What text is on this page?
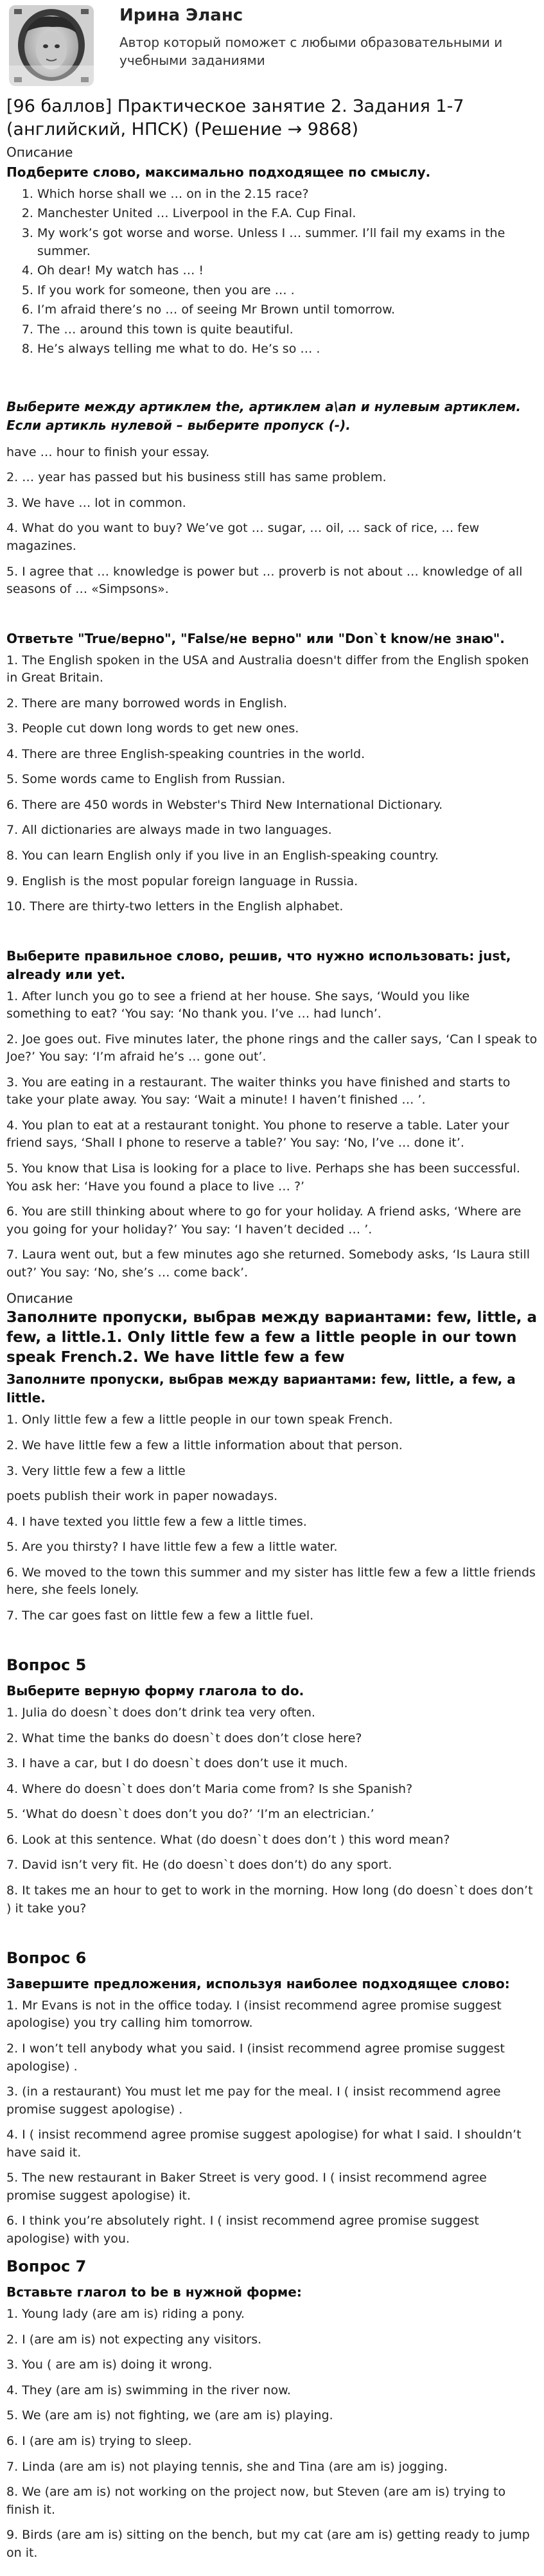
Ирина Эланс
Автор который поможет с любыми образовательными и учебными заданиями
[96 баллов] Практическое занятие 2. Задания 1-7 (английский, НПСК) (Решение → 9868)
Описание
Подберите слово, максимально подходящее по смыслу.
1. Which horse shall we … on in the 2.15 race?
2. Manchester United … Liverpool in the F.A. Cup Final.
3. My work’s got worse and worse. Unless I … summer. I’ll fail my exams in the summer.
4. Oh dear! My watch has … !
5. If you work for someone, then you are … .
6. I’m afraid there’s no … of seeing Mr Brown until tomorrow.
7. The … around this town is quite beautiful.
8. He’s always telling me what to do. He’s so … .
Выберите между артиклем the, артиклем a\an и нулевым артиклем. Если артикль нулевой – выберите пропуск (-).

have … hour to finish your essay.

2. … year has passed but his business still has same problem.

3. We have … lot in common.

4. What do you want to buy? We’ve got … sugar, … oil, … sack of rice, … few magazines.

5. I agree that … knowledge is power but … proverb is not about … knowledge of all seasons of … «Simpsons».

Ответьте "True/верно", "False/не верно" или "Don`t know/не знаю".

1. The English spoken in the USA and Australia doesn't differ from the English spoken in Great Britain.

2. There are many borrowed words in English.

3. People cut down long words to get new ones.

4. There are three English-speaking countries in the world.

5. Some words came to English from Russian.

6. There are 450 words in Webster's Third New International Dictionary.

7. All dictionaries are always made in two languages.

8. You can learn English only if you live in an English-speaking country.

9. English is the most popular foreign language in Russia.

10. There are thirty-two letters in the English alphabet.

Выберите правильное слово, решив, что нужно использовать: just, already или yet.

1. After lunch you go to see a friend at her house. She says, ‘Would you like something to eat? ‘You say: ‘No thank you. I’ve … had lunch’.

2. Joe goes out. Five minutes later, the phone rings and the caller says, ‘Can I speak to Joe?’ You say: ‘I’m afraid he’s … gone out’.

3. You are eating in a restaurant. The waiter thinks you have finished and starts to take your plate away. You say: ‘Wait a minute! I haven’t finished … ’.

4. You plan to eat at a restaurant tonight. You phone to reserve a table. Later your friend says, ‘Shall I phone to reserve a table?’ You say: ‘No, I’ve … done it’.

5. You know that Lisa is looking for a place to live. Perhaps she has been successful. You ask her: ‘Have you found a place to live … ?’

6. You are still thinking about where to go for your holiday. A friend asks, ‘Where are you going for your holiday?’ You say: ‘I haven’t decided … ’.

7. Laura went out, but a few minutes ago she returned. Somebody asks, ‘Is Laura still out?’ You say: ‘No, she’s … come back’.

Описание
Заполните пропуски, выбрав между вариантами: few, little, a few, a little.1. Only little few a few a little people in our town speak French.2. We have little few a few
Заполните пропуски, выбрав между вариантами: few, little, a few, a little.

1. Only little few a few a little people in our town speak French.

2. We have little few a few a little information about that person.

3. Very little few a few a little

poets publish their work in paper nowadays.

4. I have texted you little few a few a little times.

5. Are you thirsty? I have little few a few a little water.

6. We moved to the town this summer and my sister has little few a few a little friends here, she feels lonely.

7. The car goes fast on little few a few a little fuel.

Вопрос 5
Выберите верную форму глагола to do.

1. Julia do doesn`t does don’t drink tea very often.

2. What time the banks do doesn`t does don’t close here?

3. I have a car, but I do doesn`t does don’t use it much.

4. Where do doesn`t does don’t Maria come from? Is she Spanish?

5. ‘What do doesn`t does don’t you do?’ ‘I’m an electrician.’

6. Look at this sentence. What (do doesn`t does don’t ) this word mean?

7. David isn’t very fit. He (do doesn`t does don’t) do any sport.

8. It takes me an hour to get to work in the morning. How long (do doesn`t does don’t ) it take you?

Вопрос 6
Завершите предложения, используя наиболее подходящее слово:

1. Mr Evans is not in the office today. I (insist recommend agree promise suggest apologise) you try calling him tomorrow.

2. I won’t tell anybody what you said. I (insist recommend agree promise suggest apologise) .

3. (in a restaurant) You must let me pay for the meal. I ( insist recommend agree promise suggest apologise) .

4. I ( insist recommend agree promise suggest apologise) for what I said. I shouldn’t have said it.

5. The new restaurant in Baker Street is very good. I ( insist recommend agree promise suggest apologise) it.

6. I think you’re absolutely right. I ( insist recommend agree promise suggest apologise) with you.

Вопрос 7
Вставьте глагол to be в нужной форме:

1. Young lady (are am is) riding a pony.

2. I (are am is) not expecting any visitors.

3. You ( are am is) doing it wrong.

4. They (are am is) swimming in the river now.

5. We (are am is) not fighting, we (are am is) playing.

6. I (are am is) trying to sleep.

7. Linda (are am is) not playing tennis, she and Tina (are am is) jogging.

8. We (are am is) not working on the project now, but Steven (are am is) trying to finish it.

9. Birds (are am is) sitting on the bench, but my cat (are am is) getting ready to jump on it.
